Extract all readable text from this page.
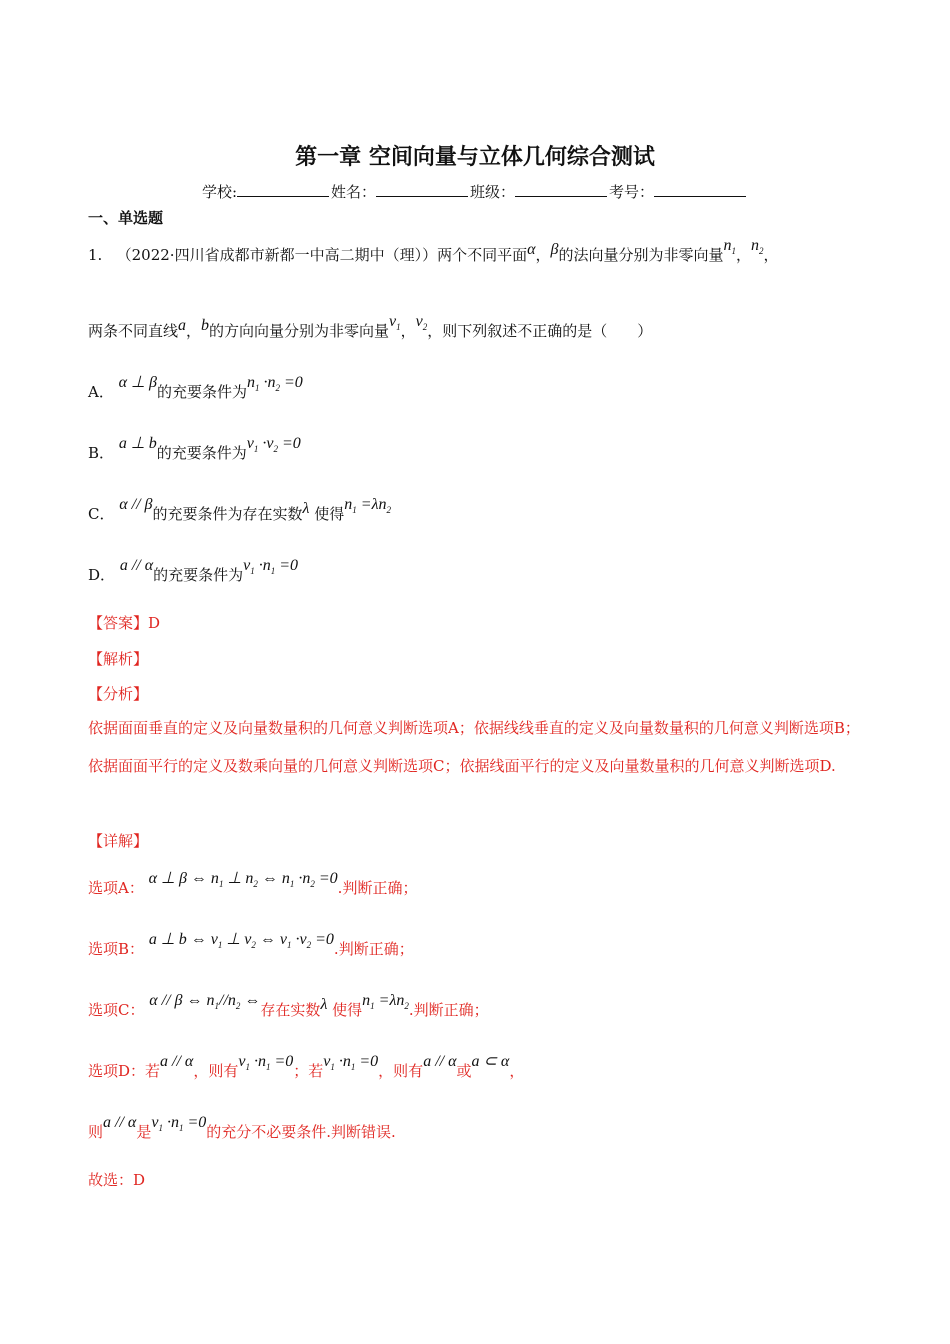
第一章 空间向量与立体几何综合测试
学校:	姓名：	班级：	考号：
一、单选题
1. （2022·四川省成都市新都一中高二期中（理））两个不同平面α，β的法向量分别为非零向量$n_1$，$n_2$，
两条不同直线a，b的方向向量分别为非零向量$v_1$，$v_2$，则下列叙述不正确的是（　　）
A． α ⊥ β的充要条件为$n_1 \cdot n_2 =0$
B． a ⊥ b的充要条件为$v_1 \cdot v_2 =0$
C． α // β的充要条件为存在实数λ 使得$n_1 =\lambda n_2$
D． a // α的充要条件为$v_1 \cdot n_1 =0$
【答案】D
【解析】
【分析】
依据面面垂直的定义及向量数量积的几何意义判断选项A；依据线线垂直的定义及向量数量积的几何意义判断选项B；依据面面平行的定义及数乘向量的几何意义判断选项C；依据线面平行的定义及向量数量积的几何意义判断选项D.
【详解】
选项A： α ⊥ β ⇔ $n_1$ ⊥ $n_2$ ⇔ $n_1 \cdot n_2 =0$.判断正确；
选项B： a ⊥ b ⇔ $v_1$ ⊥ $v_2$ ⇔ $v_1 \cdot v_2 =0$.判断正确；
选项C： α // β ⇔ $n_1//n_2$ ⇔存在实数λ 使得$n_1 =\lambda n_2$.判断正确；
选项D：若a // α，则有$v_1 \cdot n_1 =0$；若$v_1 \cdot n_1 =0$，则有a // α或a ⊂ α，
则a // α是$v_1 \cdot n_1 =0$的充分不必要条件.判断错误.
故选：D
